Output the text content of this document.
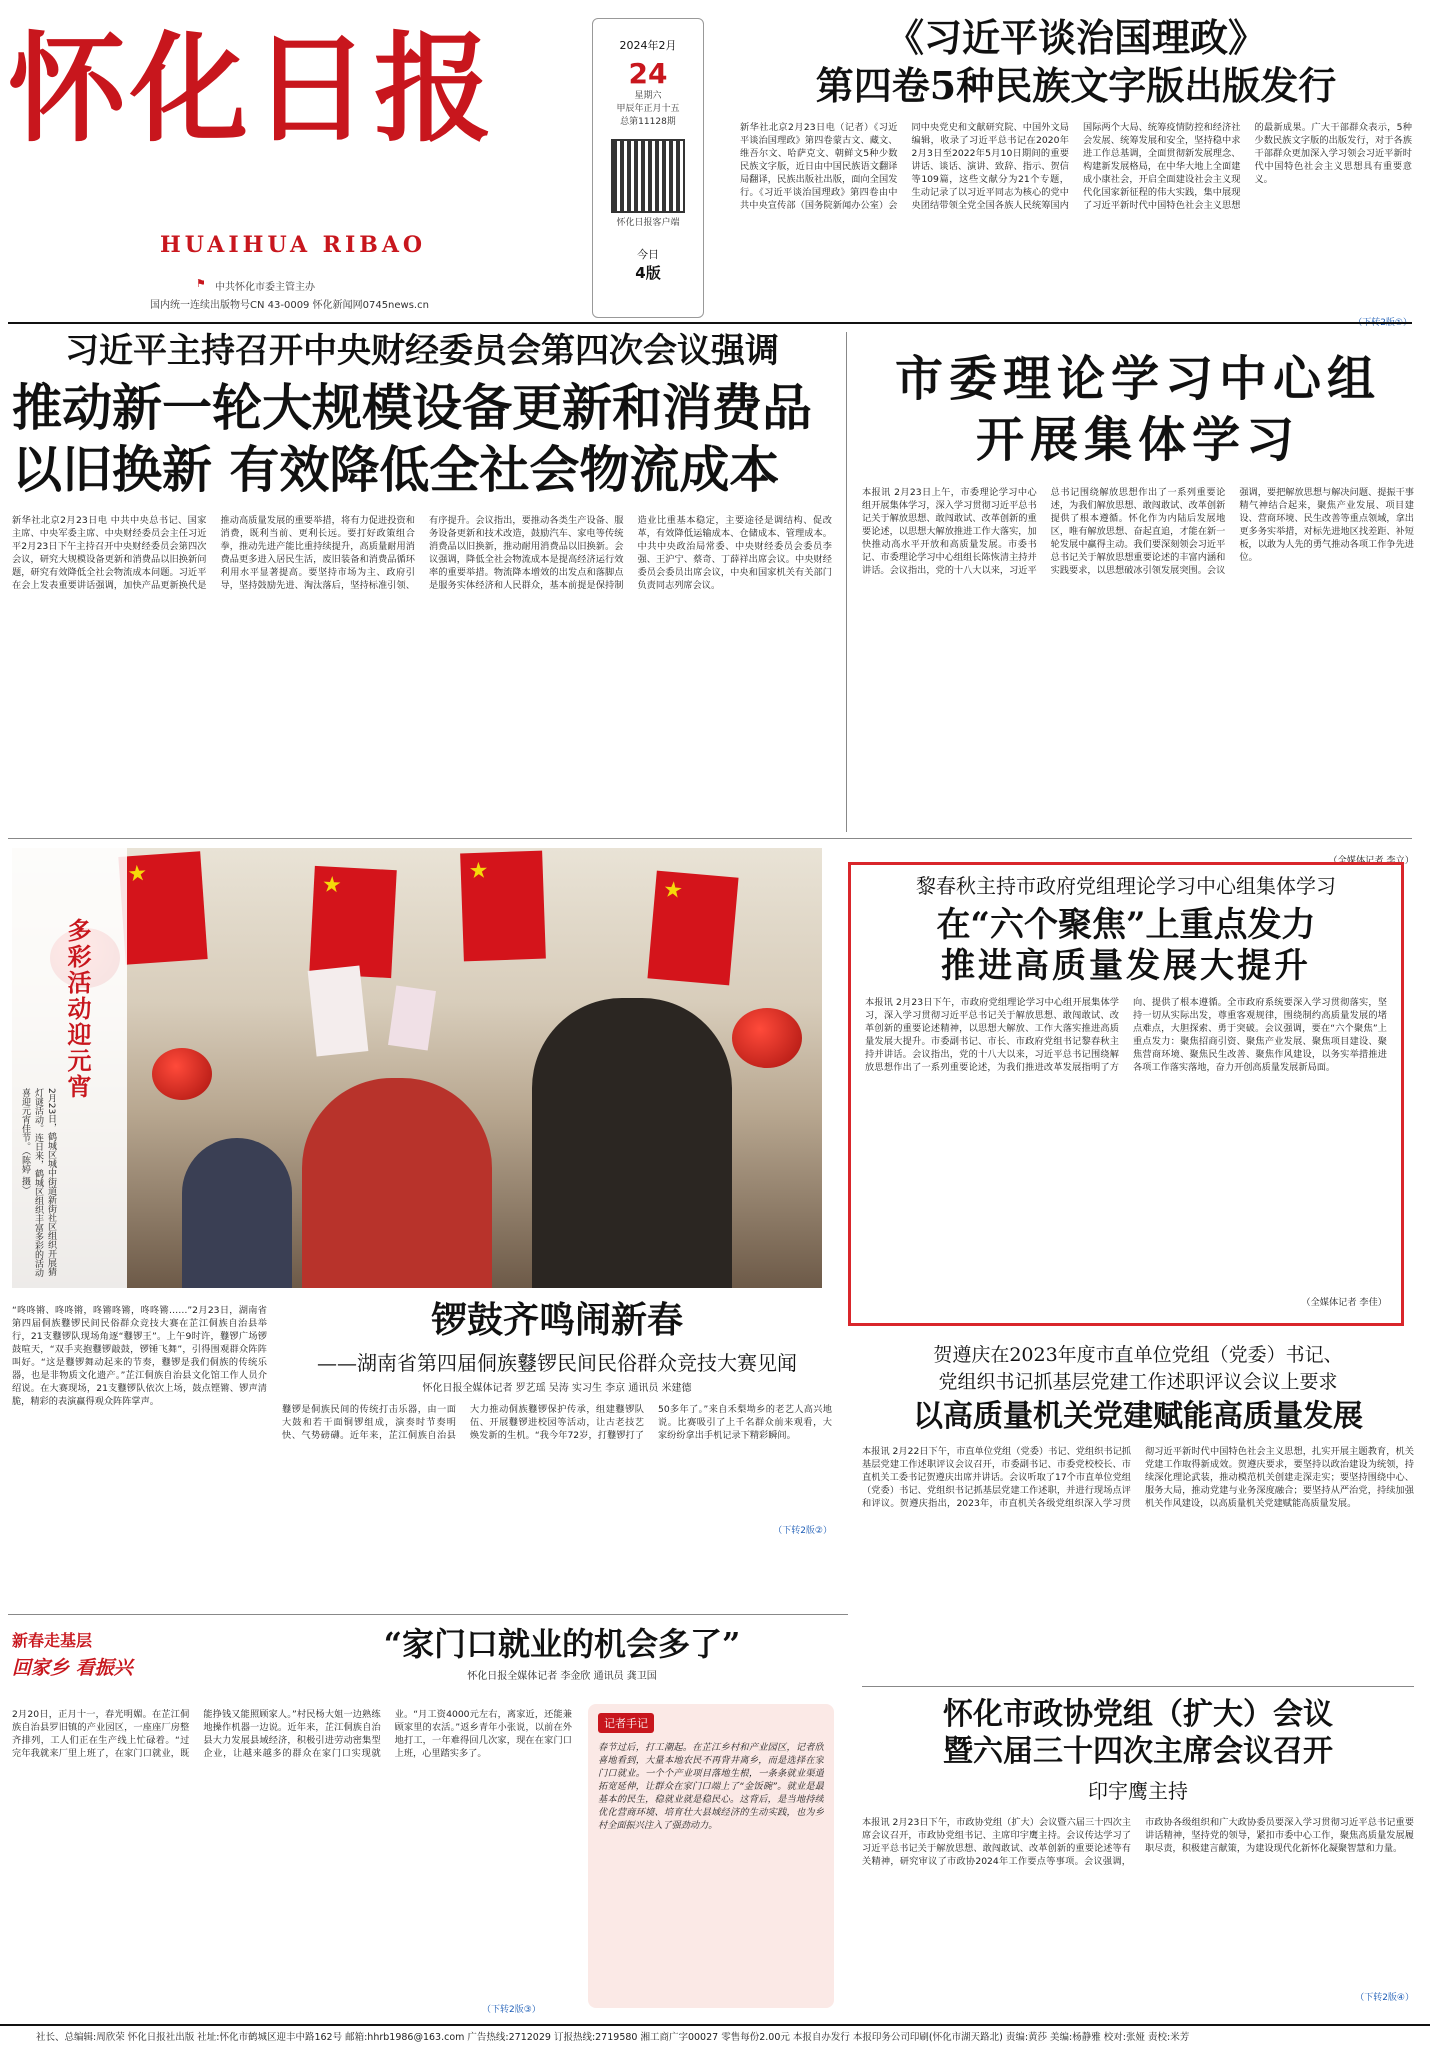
怀化日报
HUAIHUA RIBAO
中共怀化市委主管主办
国内统一连续出版物号CN 43-0009 怀化新闻网0745news.cn
⚑
2024年2月
24
星期六
甲辰年正月十五
总第11128期
怀化日报客户端
今日
4版
《习近平谈治国理政》
第四卷5种民族文字版出版发行
新华社北京2月23日电（记者）《习近平谈治国理政》第四卷蒙古文、藏文、维吾尔文、哈萨克文、朝鲜文5种少数民族文字版，近日由中国民族语文翻译局翻译，民族出版社出版，面向全国发行。《习近平谈治国理政》第四卷由中共中央宣传部（国务院新闻办公室）会同中央党史和文献研究院、中国外文局编辑，收录了习近平总书记在2020年2月3日至2022年5月10日期间的重要讲话、谈话、演讲、致辞、指示、贺信等109篇，这些文献分为21个专题，生动记录了以习近平同志为核心的党中央团结带领全党全国各族人民统筹国内国际两个大局、统筹疫情防控和经济社会发展、统筹发展和安全，坚持稳中求进工作总基调，全面贯彻新发展理念、构建新发展格局，在中华大地上全面建成小康社会，开启全面建设社会主义现代化国家新征程的伟大实践，集中展现了习近平新时代中国特色社会主义思想的最新成果。广大干部群众表示，5种少数民族文字版的出版发行，对于各族干部群众更加深入学习领会习近平新时代中国特色社会主义思想具有重要意义。
习近平主持召开中央财经委员会第四次会议强调
推动新一轮大规模设备更新和消费品
以旧换新 有效降低全社会物流成本
新华社北京2月23日电 中共中央总书记、国家主席、中央军委主席、中央财经委员会主任习近平2月23日下午主持召开中央财经委员会第四次会议，研究大规模设备更新和消费品以旧换新问题，研究有效降低全社会物流成本问题。习近平在会上发表重要讲话强调，加快产品更新换代是推动高质量发展的重要举措，将有力促进投资和消费，既利当前、更利长远。要打好政策组合拳，推动先进产能比重持续提升，高质量耐用消费品更多进入居民生活，废旧装备和消费品循环利用水平显著提高。要坚持市场为主、政府引导，坚持鼓励先进、淘汰落后，坚持标准引领、有序提升。会议指出，要推动各类生产设备、服务设备更新和技术改造，鼓励汽车、家电等传统消费品以旧换新，推动耐用消费品以旧换新。会议强调，降低全社会物流成本是提高经济运行效率的重要举措。物流降本增效的出发点和落脚点是服务实体经济和人民群众，基本前提是保持制造业比重基本稳定，主要途径是调结构、促改革，有效降低运输成本、仓储成本、管理成本。中共中央政治局常委、中央财经委员会委员李强、王沪宁、蔡奇、丁薛祥出席会议。中央财经委员会委员出席会议，中央和国家机关有关部门负责同志列席会议。
市委理论学习中心组
开展集体学习
本报讯 2月23日上午，市委理论学习中心组开展集体学习，深入学习贯彻习近平总书记关于解放思想、敢闯敢试、改革创新的重要论述，以思想大解放推进工作大落实，加快推动高水平开放和高质量发展。市委书记、市委理论学习中心组组长陈恢清主持并讲话。会议指出，党的十八大以来，习近平总书记围绕解放思想作出了一系列重要论述，为我们解放思想、敢闯敢试、改革创新提供了根本遵循。怀化作为内陆后发展地区，唯有解放思想、奋起直追，才能在新一轮发展中赢得主动。我们要深刻领会习近平总书记关于解放思想重要论述的丰富内涵和实践要求，以思想破冰引领发展突围。会议强调，要把解放思想与解决问题、提振干事精气神结合起来，聚焦产业发展、项目建设、营商环境、民生改善等重点领域，拿出更多务实举措，对标先进地区找差距、补短板，以敢为人先的勇气推动各项工作争先进位。
（全媒体记者 李立）
★
★
★
★
多彩活动迎元宵
2月23日，鹤城区城中街道新街社区组织开展猜灯谜活动。连日来，鹤城区组织丰富多彩的活动喜迎元宵佳节。（陈婷 摄）
黎春秋主持市政府党组理论学习中心组集体学习
在“六个聚焦”上重点发力
推进高质量发展大提升
本报讯 2月23日下午，市政府党组理论学习中心组开展集体学习，深入学习贯彻习近平总书记关于解放思想、敢闯敢试、改革创新的重要论述精神，以思想大解放、工作大落实推进高质量发展大提升。市委副书记、市长、市政府党组书记黎春秋主持并讲话。会议指出，党的十八大以来，习近平总书记围绕解放思想作出了一系列重要论述，为我们推进改革发展指明了方向、提供了根本遵循。全市政府系统要深入学习贯彻落实，坚持一切从实际出发，尊重客观规律，围绕制约高质量发展的堵点难点，大胆探索、勇于突破。会议强调，要在“六个聚焦”上重点发力：聚焦招商引资、聚焦产业发展、聚焦项目建设、聚焦营商环境、聚焦民生改善、聚焦作风建设，以务实举措推进各项工作落实落地，奋力开创高质量发展新局面。
（全媒体记者 李佳）
“咚咚锵、咚咚锵，咚锵咚锵，咚咚锵……”2月23日，湖南省第四届侗族鼟锣民间民俗群众竞技大赛在芷江侗族自治县举行，21支鼟锣队现场角逐“鼟锣王”。上午9时许，鼟锣广场锣鼓喧天，“双手夹抱鼟锣敲鼓，锣锤飞舞”，引得围观群众阵阵叫好。“这是鼟锣舞动起来的节奏，鼟锣是我们侗族的传统乐器，也是非物质文化遗产。”芷江侗族自治县文化馆工作人员介绍说。在大赛现场，21支鼟锣队依次上场，鼓点铿锵、锣声清脆，精彩的表演赢得观众阵阵掌声。
锣鼓齐鸣闹新春
——湖南省第四届侗族鼟锣民间民俗群众竞技大赛见闻
怀化日报全媒体记者 罗艺瑶 吴涛 实习生 李京 通讯员 米建德
鼟锣是侗族民间的传统打击乐器，由一面大鼓和若干面铜锣组成，演奏时节奏明快、气势磅礴。近年来，芷江侗族自治县大力推动侗族鼟锣保护传承，组建鼟锣队伍、开展鼟锣进校园等活动，让古老技艺焕发新的生机。“我今年72岁，打鼟锣打了50多年了。”来自禾梨坳乡的老艺人高兴地说。比赛吸引了上千名群众前来观看，大家纷纷拿出手机记录下精彩瞬间。
（下转2版②）
贺遵庆在2023年度市直单位党组（党委）书记、
党组织书记抓基层党建工作述职评议会议上要求
以高质量机关党建赋能高质量发展
本报讯 2月22日下午，市直单位党组（党委）书记、党组织书记抓基层党建工作述职评议会议召开，市委副书记、市委党校校长、市直机关工委书记贺遵庆出席并讲话。会议听取了17个市直单位党组（党委）书记、党组织书记抓基层党建工作述职，并进行现场点评和评议。贺遵庆指出，2023年，市直机关各级党组织深入学习贯彻习近平新时代中国特色社会主义思想，扎实开展主题教育，机关党建工作取得新成效。贺遵庆要求，要坚持以政治建设为统领，持续深化理论武装，推动模范机关创建走深走实；要坚持围绕中心、服务大局，推动党建与业务深度融合；要坚持从严治党，持续加强机关作风建设，以高质量机关党建赋能高质量发展。
新春走基层
回家乡 看振兴
“家门口就业的机会多了”
怀化日报全媒体记者 李金欣 通讯员 龚卫国
2月20日，正月十一，春光明媚。在芷江侗族自治县罗旧镇的产业园区，一座座厂房整齐排列，工人们正在生产线上忙碌着。“过完年我就来厂里上班了，在家门口就业，既能挣钱又能照顾家人。”村民杨大姐一边熟练地操作机器一边说。近年来，芷江侗族自治县大力发展县域经济，积极引进劳动密集型企业，让越来越多的群众在家门口实现就业。“月工资4000元左右，离家近，还能兼顾家里的农活。”返乡青年小张说，以前在外地打工，一年难得回几次家，现在在家门口上班，心里踏实多了。
（下转2版③）
记者手记
春节过后，打工潮起。在芷江乡村和产业园区，记者欣喜地看到，大量本地农民不再背井离乡，而是选择在家门口就业。一个个产业项目落地生根，一条条就业渠道拓宽延伸，让群众在家门口端上了“金饭碗”。就业是最基本的民生，稳就业就是稳民心。这背后，是当地持续优化营商环境、培育壮大县域经济的生动实践，也为乡村全面振兴注入了强劲动力。
怀化市政协党组（扩大）会议
暨六届三十四次主席会议召开
印宇鹰主持
本报讯 2月23日下午，市政协党组（扩大）会议暨六届三十四次主席会议召开，市政协党组书记、主席印宇鹰主持。会议传达学习了习近平总书记关于解放思想、敢闯敢试、改革创新的重要论述等有关精神，研究审议了市政协2024年工作要点等事项。会议强调，市政协各级组织和广大政协委员要深入学习贯彻习近平总书记重要讲话精神，坚持党的领导，紧扣市委中心工作，聚焦高质量发展履职尽责，积极建言献策，为建设现代化新怀化凝聚智慧和力量。
（下转2版④）
社长、总编辑:周欣荣 怀化日报社出版 社址:怀化市鹤城区迎丰中路162号 邮箱:hhrb1986@163.com 广告热线:2712029 订报热线:2719580 湘工商广字00027 零售每份2.00元 本报自办发行 本报印务公司印刷(怀化市湖天路北) 责编:黄莎 美编:杨静雅 校对:张娅 责校:米芳
